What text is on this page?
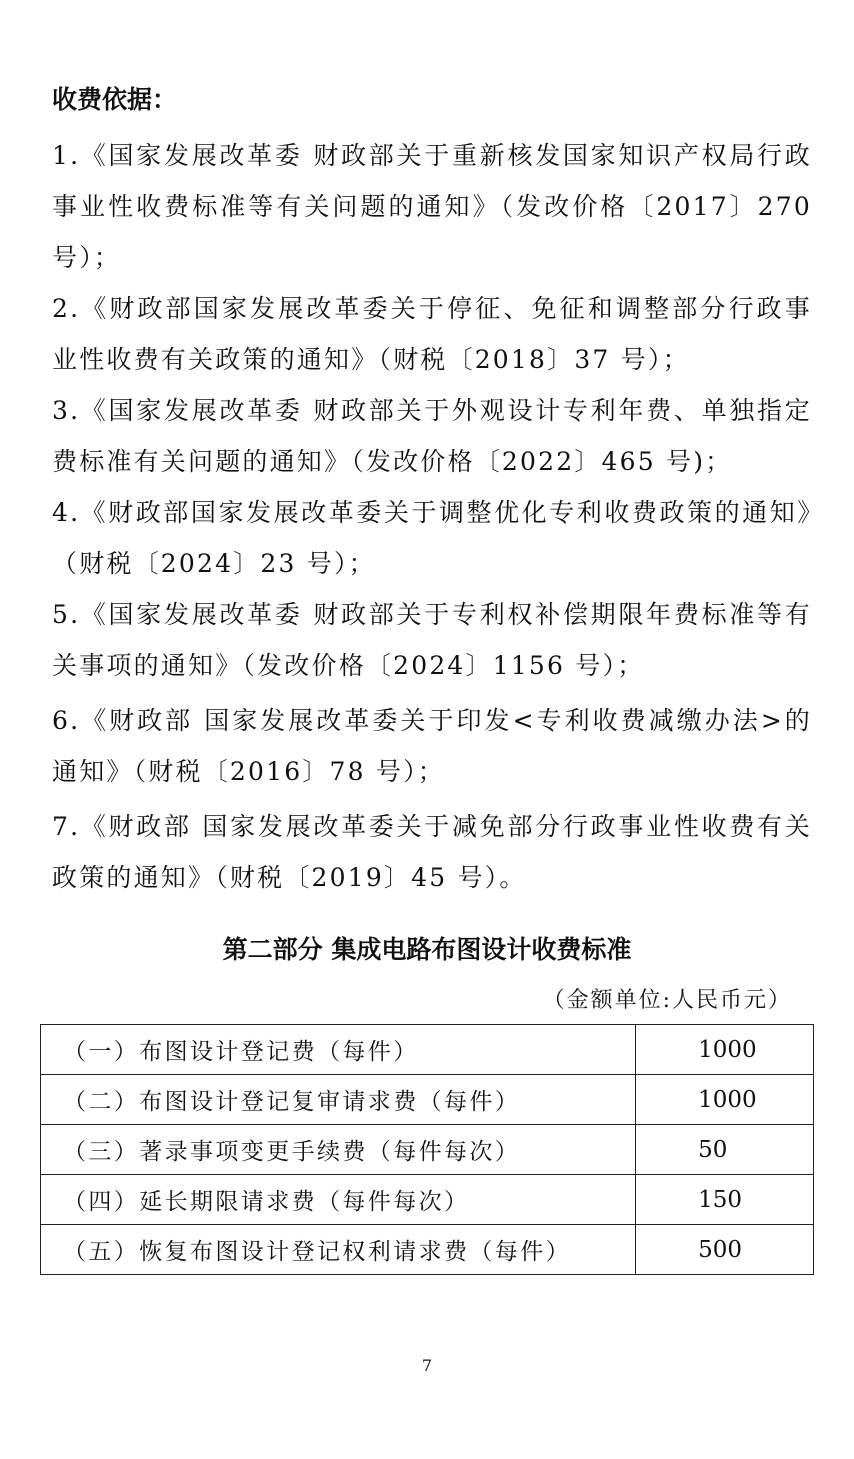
收费依据：

1.《国家发展改革委 财政部关于重新核发国家知识产权局行政事业性收费标准等有关问题的通知》（发改价格〔2017〕270 号）；
2.《财政部国家发展改革委关于停征、免征和调整部分行政事业性收费有关政策的通知》（财税〔2018〕37 号）；
3.《国家发展改革委 财政部关于外观设计专利年费、单独指定费标准有关问题的通知》（发改价格〔2022〕465 号)；
4.《财政部国家发展改革委关于调整优化专利收费政策的通知》（财税〔2024〕23 号）；
5.《国家发展改革委 财政部关于专利权补偿期限年费标准等有关事项的通知》（发改价格〔2024〕1156 号）；
6.《财政部 国家发展改革委关于印发<专利收费减缴办法>的通知》（财税〔2016〕78 号）；
7.《财政部 国家发展改革委关于减免部分行政事业性收费有关政策的通知》（财税〔2019〕45 号）。
第二部分 集成电路布图设计收费标准

（金额单位:人民币元）

（一）布图设计登记费（每件）	1000
（二）布图设计登记复审请求费（每件）	1000
（三）著录事项变更手续费（每件每次）	50
（四）延长期限请求费（每件每次）	150
（五）恢复布图设计登记权利请求费（每件）	500

7
